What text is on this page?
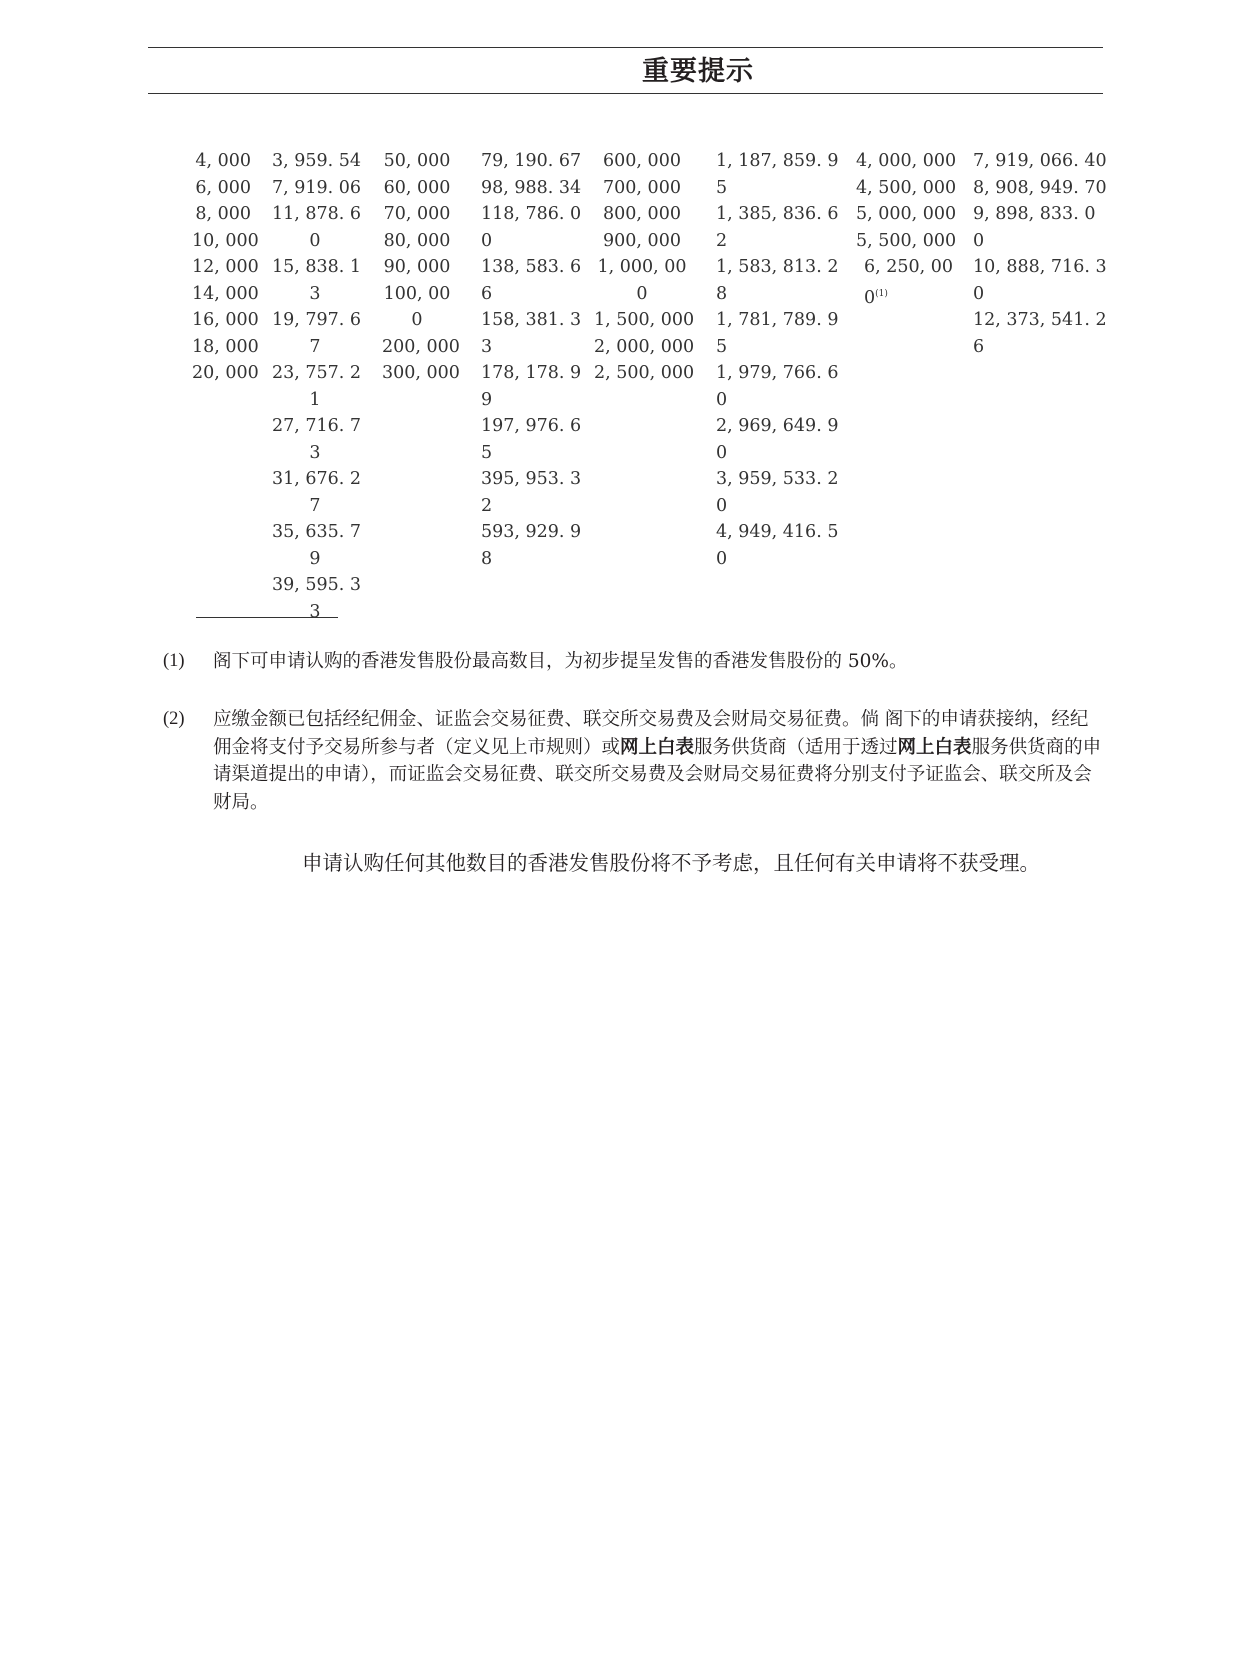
重要提示
4, 000
6, 000
8, 000
10, 000
12, 000
14, 000
16, 000
18, 000
20, 000
3, 959. 54
7, 919. 06
11, 878. 6
0
15, 838. 1
3
19, 797. 6
7
23, 757. 2
1
27, 716. 7
3
31, 676. 2
7
35, 635. 7
9
39, 595. 3
3
50, 000
60, 000
70, 000
80, 000
90, 000
100, 00
0
200, 000
300, 000
79, 190. 67
98, 988. 34
118, 786. 0
0
138, 583. 6
6
158, 381. 3
3
178, 178. 9
9
197, 976. 6
5
395, 953. 3
2
593, 929. 9
8
600, 000
700, 000
800, 000
900, 000
1, 000, 00
0
1, 500, 000
2, 000, 000
2, 500, 000
1, 187, 859. 9
5
1, 385, 836. 6
2
1, 583, 813. 2
8
1, 781, 789. 9
5
1, 979, 766. 6
0
2, 969, 649. 9
0
3, 959, 533. 2
0
4, 949, 416. 5
0
4, 000, 000
4, 500, 000
5, 000, 000
5, 500, 000
6, 250, 00
0$^{(1)}$
7, 919, 066. 40
8, 908, 949. 70
9, 898, 833. 0
0
10, 888, 716. 3
0
12, 373, 541. 2
6
(1) 阁下可申请认购的香港发售股份最高数目，为初步提呈发售的香港发售股份的 50%。
(2) 应缴金额已包括经纪佣金、证监会交易征费、联交所交易费及会财局交易征费。倘 阁下的申请获接纳，经纪佣金将支付予交易所参与者（定义见上市规则）或网上白表服务供货商（适用于透过网上白表服务供货商的申请渠道提出的申请），而证监会交易征费、联交所交易费及会财局交易征费将分别支付予证监会、联交所及会财局。
申请认购任何其他数目的香港发售股份将不予考虑，且任何有关申请将不获受理。
